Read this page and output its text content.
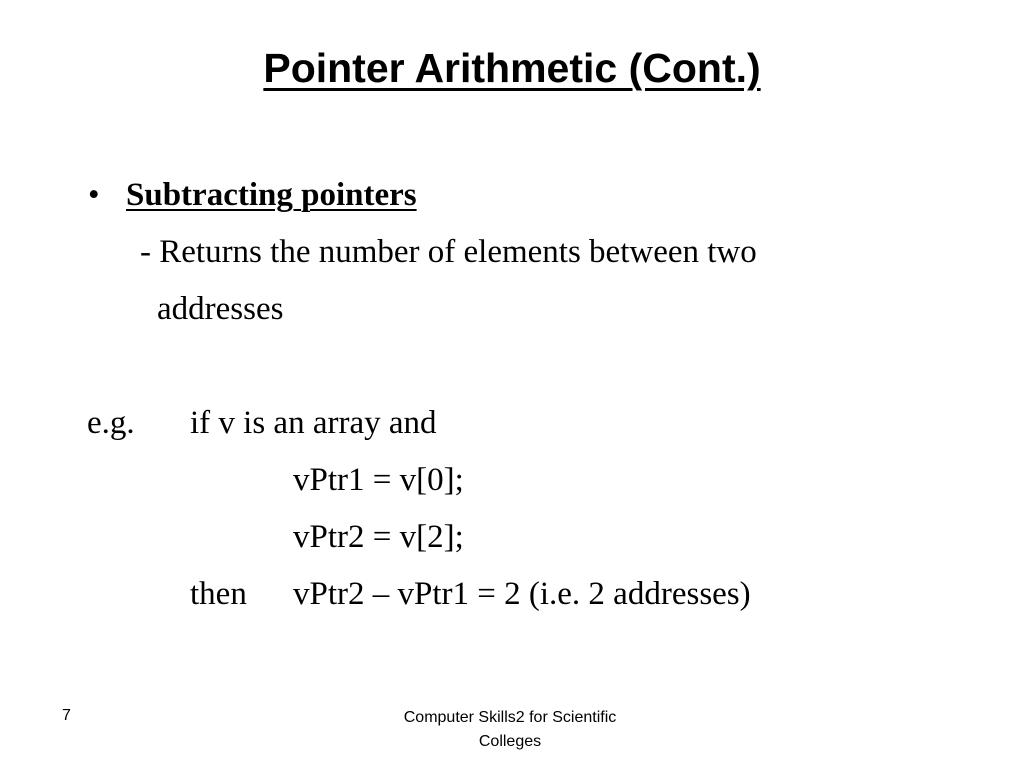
Pointer Arithmetic (Cont.)
• Subtracting pointers
- Returns the number of elements between two
addresses
e.g. if v is an array and
vPtr1 = v[0];
vPtr2 = v[2];
then vPtr2 – vPtr1 = 2 (i.e. 2 addresses)
7	Computer Skills2 for Scientific
Colleges
